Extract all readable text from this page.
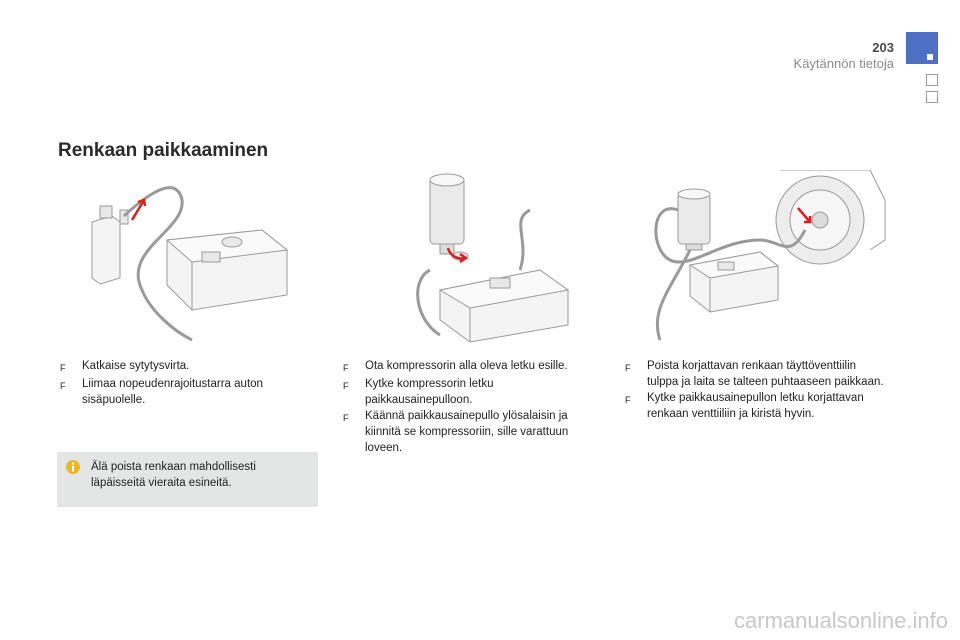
203
Käytännön tietoja
Renkaan paikkaaminen
F	Katkaise sytytysvirta.
F	Liimaa nopeudenrajoitustarra auton sisäpuolelle.
F	Ota kompressorin alla oleva letku esille.
F	Kytke kompressorin letku paikkausainepulloon.
F	Käännä paikkausainepullo ylösalaisin ja kiinnitä se kompressoriin, sille varattuun loveen.
F	Poista korjattavan renkaan täyttöventtiilin tulppa ja laita se talteen puhtaaseen paikkaan.
F	Kytke paikkausainepullon letku korjattavan renkaan venttiiliin ja kiristä hyvin.
Älä poista renkaan mahdollisesti läpäisseitä vieraita esineitä.
carmanualsonline.info
